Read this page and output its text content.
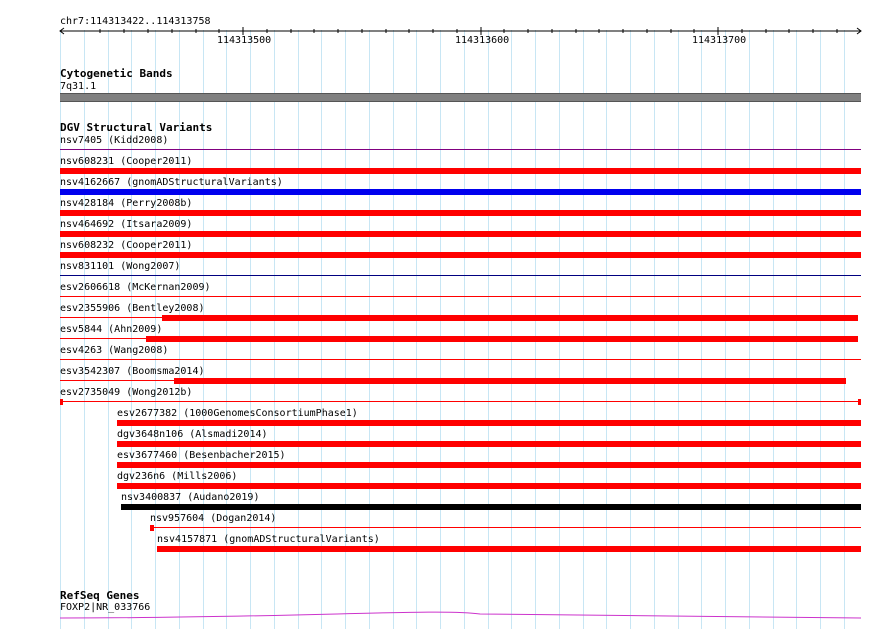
chr7:114313422..114313758
114313500	114313600	114313700
Cytogenetic Bands
7q31.1
DGV Structural Variants
nsv7405 (Kidd2008)
nsv608231 (Cooper2011)
nsv4162667 (gnomADStructuralVariants)
nsv428184 (Perry2008b)
nsv464692 (Itsara2009)
nsv608232 (Cooper2011)
nsv831101 (Wong2007)
esv2606618 (McKernan2009)
esv2355906 (Bentley2008)
esv5844 (Ahn2009)
esv4263 (Wang2008)
esv3542307 (Boomsma2014)
esv2735049 (Wong2012b)
esv2677382 (1000GenomesConsortiumPhase1)
dgv3648n106 (Alsmadi2014)
esv3677460 (Besenbacher2015)
dgv236n6 (Mills2006)
nsv3400837 (Audano2019)
nsv957604 (Dogan2014)
nsv4157871 (gnomADStructuralVariants)
RefSeq Genes
FOXP2|NR_033766
